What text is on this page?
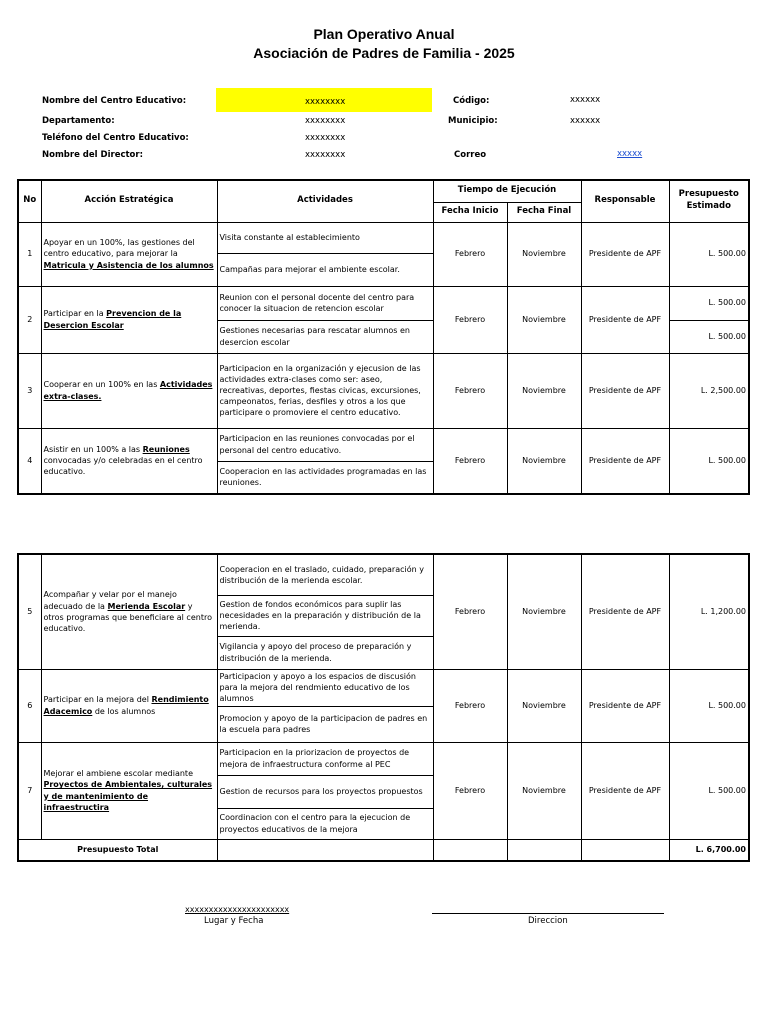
Plan Operativo Anual
Asociación de Padres de Familia - 2025
Nombre del Centro Educativo:	xxxxxxxx	Código:	xxxxxx
Departamento:	xxxxxxxx	Municipio:	xxxxxx
Teléfono del Centro Educativo:	xxxxxxxx
Nombre del Director:	xxxxxxxx	Correo	xxxxx
No	Acción Estratégica	Actividades	Tiempo de Ejecución		Responsable	Presupuesto Estimado
			Fecha Inicio	Fecha Final		
1	Apoyar en un 100%, las gestiones del centro educativo, para mejorar la Matricula y Asistencia de los alumnos	Visita constante al establecimiento	Febrero	Noviembre	Presidente de APF	L. 500.00
		Campañas para mejorar el ambiente escolar.				
2	Participar en la Prevencion de la Desercion Escolar	Reunion con el personal docente del centro para conocer la situacion de retencion escolar	Febrero	Noviembre	Presidente de APF	L. 500.00
		Gestiones necesarias para rescatar alumnos en desercion escolar				L. 500.00
3	Cooperar en un 100% en las Actividades extra-clases.	Participacion en la organización y ejecusion de las actividades extra-clases como ser: aseo, recreativas, deportes, fiestas civicas, excursiones, campeonatos, ferias, desfiles y otros a los que participare o promoviere el centro educativo.	Febrero	Noviembre	Presidente de APF	L. 2,500.00
4	Asistir en un 100% a las Reuniones convocadas y/o celebradas en el centro educativo.	Participacion en las reuniones convocadas por el personal del centro educativo.	Febrero	Noviembre	Presidente de APF	L. 500.00
		Cooperacion en las actividades programadas en las reuniones.				
5	Acompañar y velar por el manejo adecuado de la Merienda Escolar y otros programas que beneficiare al centro educativo.	Cooperacion en el traslado, cuidado, preparación y distribución de la merienda escolar.	Febrero	Noviembre	Presidente de APF	L. 1,200.00
		Gestion de fondos económicos para suplir las necesidades en la preparación y distribución de la merienda.				
		Vigilancia y apoyo del proceso de preparación y distribución de la merienda.				
6	Participar en la mejora del Rendimiento Adacemico de los alumnos	Participacion y apoyo a los espacios de discusión para la mejora del rendmiento educativo de los alumnos	Febrero	Noviembre	Presidente de APF	L. 500.00
		Promocion y apoyo de la participacion de padres en la escuela para padres				
7	Mejorar el ambiene escolar mediante Proyectos de Ambientales, culturales y de mantenimiento de infraestructira	Participacion en la priorizacion de proyectos de mejora de infraestructura conforme al PEC	Febrero	Noviembre	Presidente de APF	L. 500.00
		Gestion de recursos para los proyectos propuestos				
		Coordinacion con el centro para la ejecucion de proyectos educativos de la mejora				
Presupuesto Total						L. 6,700.00
xxxxxxxxxxxxxxxxxxxxxx
Lugar y Fecha	Direccion
